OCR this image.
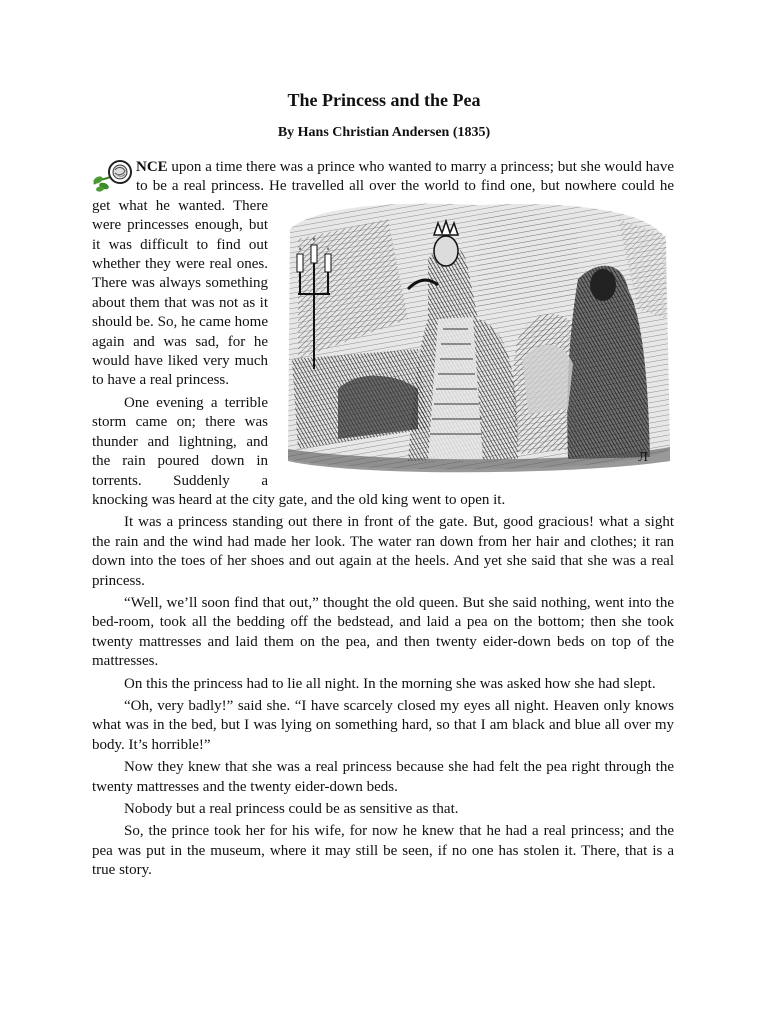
The Princess and the Pea
By Hans Christian Andersen (1835)

NCE upon a time there was a prince who wanted to marry a princess; but she would have to be a real princess. He travelled all over the world to find one,
Л
but nowhere could he get what he wanted. There were princesses enough, but it was difficult to find out whether they were real ones. There was always something about them that was not as it should be. So, he came home again and was sad, for he would have liked very much to have a real princess.

One evening a terrible storm came on; there was thunder and lightning, and the rain poured down in torrents. Suddenly a knocking was heard at the city gate, and the old king went to open it.

It was a princess standing out there in front of the gate. But, good gracious! what a sight the rain and the wind had made her look. The water ran down from her hair and clothes; it ran down into the toes of her shoes and out again at the heels. And yet she said that she was a real princess.

“Well, we’ll soon find that out,” thought the old queen. But she said nothing, went into the bed-room, took all the bedding off the bedstead, and laid a pea on the bottom; then she took twenty mattresses and laid them on the pea, and then twenty eider-down beds on top of the mattresses.

On this the princess had to lie all night. In the morning she was asked how she had slept.

“Oh, very badly!” said she. “I have scarcely closed my eyes all night. Heaven only knows what was in the bed, but I was lying on something hard, so that I am black and blue all over my body. It’s horrible!”

Now they knew that she was a real princess because she had felt the pea right through the twenty mattresses and the twenty eider-down beds.

Nobody but a real princess could be as sensitive as that.

So, the prince took her for his wife, for now he knew that he had a real princess; and the pea was put in the museum, where it may still be seen, if no one has stolen it. There, that is a true story.
